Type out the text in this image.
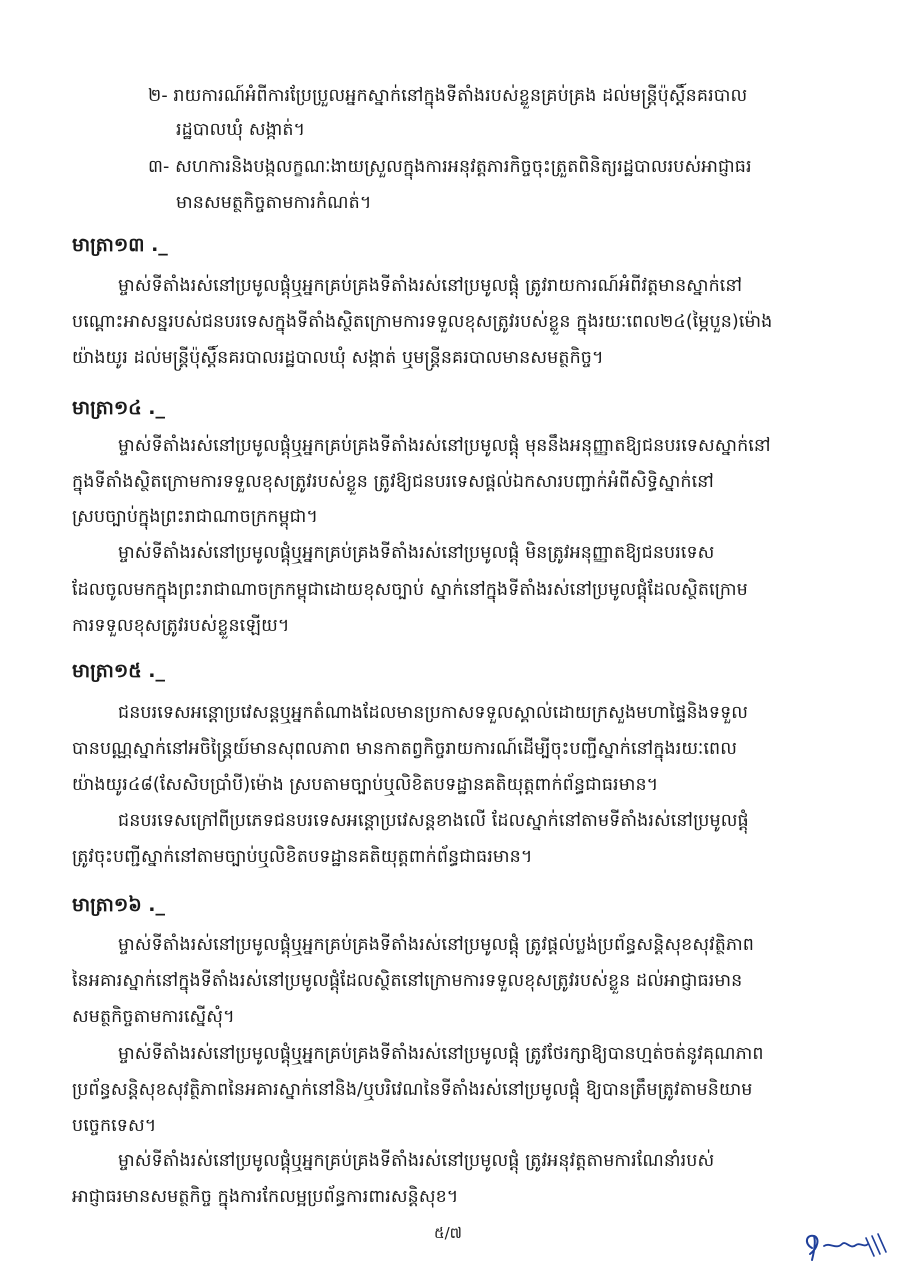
២- រាយការណ៍អំពីការប្រែប្រួលអ្នកស្នាក់នៅក្នុងទីតាំងរបស់ខ្លួនគ្រប់គ្រង ដល់មន្ត្រីប៉ុស្តិ៍នគរបាល
រដ្ឋបាលឃុំ សង្កាត់។
៣- សហការនិងបង្កលក្ខណៈងាយស្រួលក្នុងការអនុវត្តភារកិច្ចចុះត្រួតពិនិត្យរដ្ឋបាលរបស់អាជ្ញាធរ
មានសមត្ថកិច្ចតាមការកំណត់។
មាត្រា១៣ ._
ម្ចាស់ទីតាំងរស់នៅប្រមូលផ្តុំឬអ្នកគ្រប់គ្រងទីតាំងរស់នៅប្រមូលផ្តុំ ត្រូវរាយការណ៍អំពីវត្តមានស្នាក់នៅ
បណ្តោះអាសន្នរបស់ជនបរទេសក្នុងទីតាំងស្ថិតក្រោមការទទួលខុសត្រូវរបស់ខ្លួន ក្នុងរយៈពេល២៤(ម្ភៃបួន)ម៉ោង
យ៉ាងយូរ ដល់មន្ត្រីប៉ុស្តិ៍នគរបាលរដ្ឋបាលឃុំ សង្កាត់ ឬមន្ត្រីនគរបាលមានសមត្ថកិច្ច។
មាត្រា១៤ ._
ម្ចាស់ទីតាំងរស់នៅប្រមូលផ្តុំឬអ្នកគ្រប់គ្រងទីតាំងរស់នៅប្រមូលផ្តុំ មុននឹងអនុញ្ញាតឱ្យជនបរទេសស្នាក់នៅ
ក្នុងទីតាំងស្ថិតក្រោមការទទួលខុសត្រូវរបស់ខ្លួន ត្រូវឱ្យជនបរទេសផ្តល់ឯកសារបញ្ជាក់អំពីសិទ្ធិស្នាក់នៅ
ស្របច្បាប់ក្នុងព្រះរាជាណាចក្រកម្ពុជា។
ម្ចាស់ទីតាំងរស់នៅប្រមូលផ្តុំឬអ្នកគ្រប់គ្រងទីតាំងរស់នៅប្រមូលផ្តុំ មិនត្រូវអនុញ្ញាតឱ្យជនបរទេស
ដែលចូលមកក្នុងព្រះរាជាណាចក្រកម្ពុជាដោយខុសច្បាប់ ស្នាក់នៅក្នុងទីតាំងរស់នៅប្រមូលផ្តុំដែលស្ថិតក្រោម
ការទទួលខុសត្រូវរបស់ខ្លួនឡើយ។
មាត្រា១៥ ._
ជនបរទេសអន្តោប្រវេសន្តឬអ្នកតំណាងដែលមានប្រកាសទទួលស្គាល់ដោយក្រសួងមហាផ្ទៃនិងទទួល
បានបណ្ណស្នាក់នៅអចិន្ត្រៃយ៍មានសុពលភាព មានកាតព្វកិច្ចរាយការណ៍ដើម្បីចុះបញ្ជីស្នាក់នៅក្នុងរយៈពេល
យ៉ាងយូរ៤៨(សែសិបប្រាំបី)ម៉ោង ស្របតាមច្បាប់ឬលិខិតបទដ្ឋានគតិយុត្តពាក់ព័ន្ធជាធរមាន។
ជនបរទេសក្រៅពីប្រភេទជនបរទេសអន្តោប្រវេសន្តខាងលើ ដែលស្នាក់នៅតាមទីតាំងរស់នៅប្រមូលផ្តុំ
ត្រូវចុះបញ្ជីស្នាក់នៅតាមច្បាប់ឬលិខិតបទដ្ឋានគតិយុត្តពាក់ព័ន្ធជាធរមាន។
មាត្រា១៦ ._
ម្ចាស់ទីតាំងរស់នៅប្រមូលផ្តុំឬអ្នកគ្រប់គ្រងទីតាំងរស់នៅប្រមូលផ្តុំ ត្រូវផ្តល់ប្លង់ប្រព័ន្ធសន្តិសុខសុវត្ថិភាព
នៃអគារស្នាក់នៅក្នុងទីតាំងរស់នៅប្រមូលផ្តុំដែលស្ថិតនៅក្រោមការទទួលខុសត្រូវរបស់ខ្លួន ដល់អាជ្ញាធរមាន
សមត្ថកិច្ចតាមការស្នើសុំ។
ម្ចាស់ទីតាំងរស់នៅប្រមូលផ្តុំឬអ្នកគ្រប់គ្រងទីតាំងរស់នៅប្រមូលផ្តុំ ត្រូវថែរក្សាឱ្យបានហ្មត់ចត់នូវគុណភាព
ប្រព័ន្ធសន្តិសុខសុវត្ថិភាពនៃអគារស្នាក់នៅនិង/ឬបរិវេណនៃទីតាំងរស់នៅប្រមូលផ្តុំ ឱ្យបានត្រឹមត្រូវតាមនិយាម
បច្ចេកទេស។
ម្ចាស់ទីតាំងរស់នៅប្រមូលផ្តុំឬអ្នកគ្រប់គ្រងទីតាំងរស់នៅប្រមូលផ្តុំ ត្រូវអនុវត្តតាមការណែនាំរបស់
អាជ្ញាធរមានសមត្ថកិច្ច ក្នុងការកែលម្អប្រព័ន្ធការពារសន្តិសុខ។
៥/៧
